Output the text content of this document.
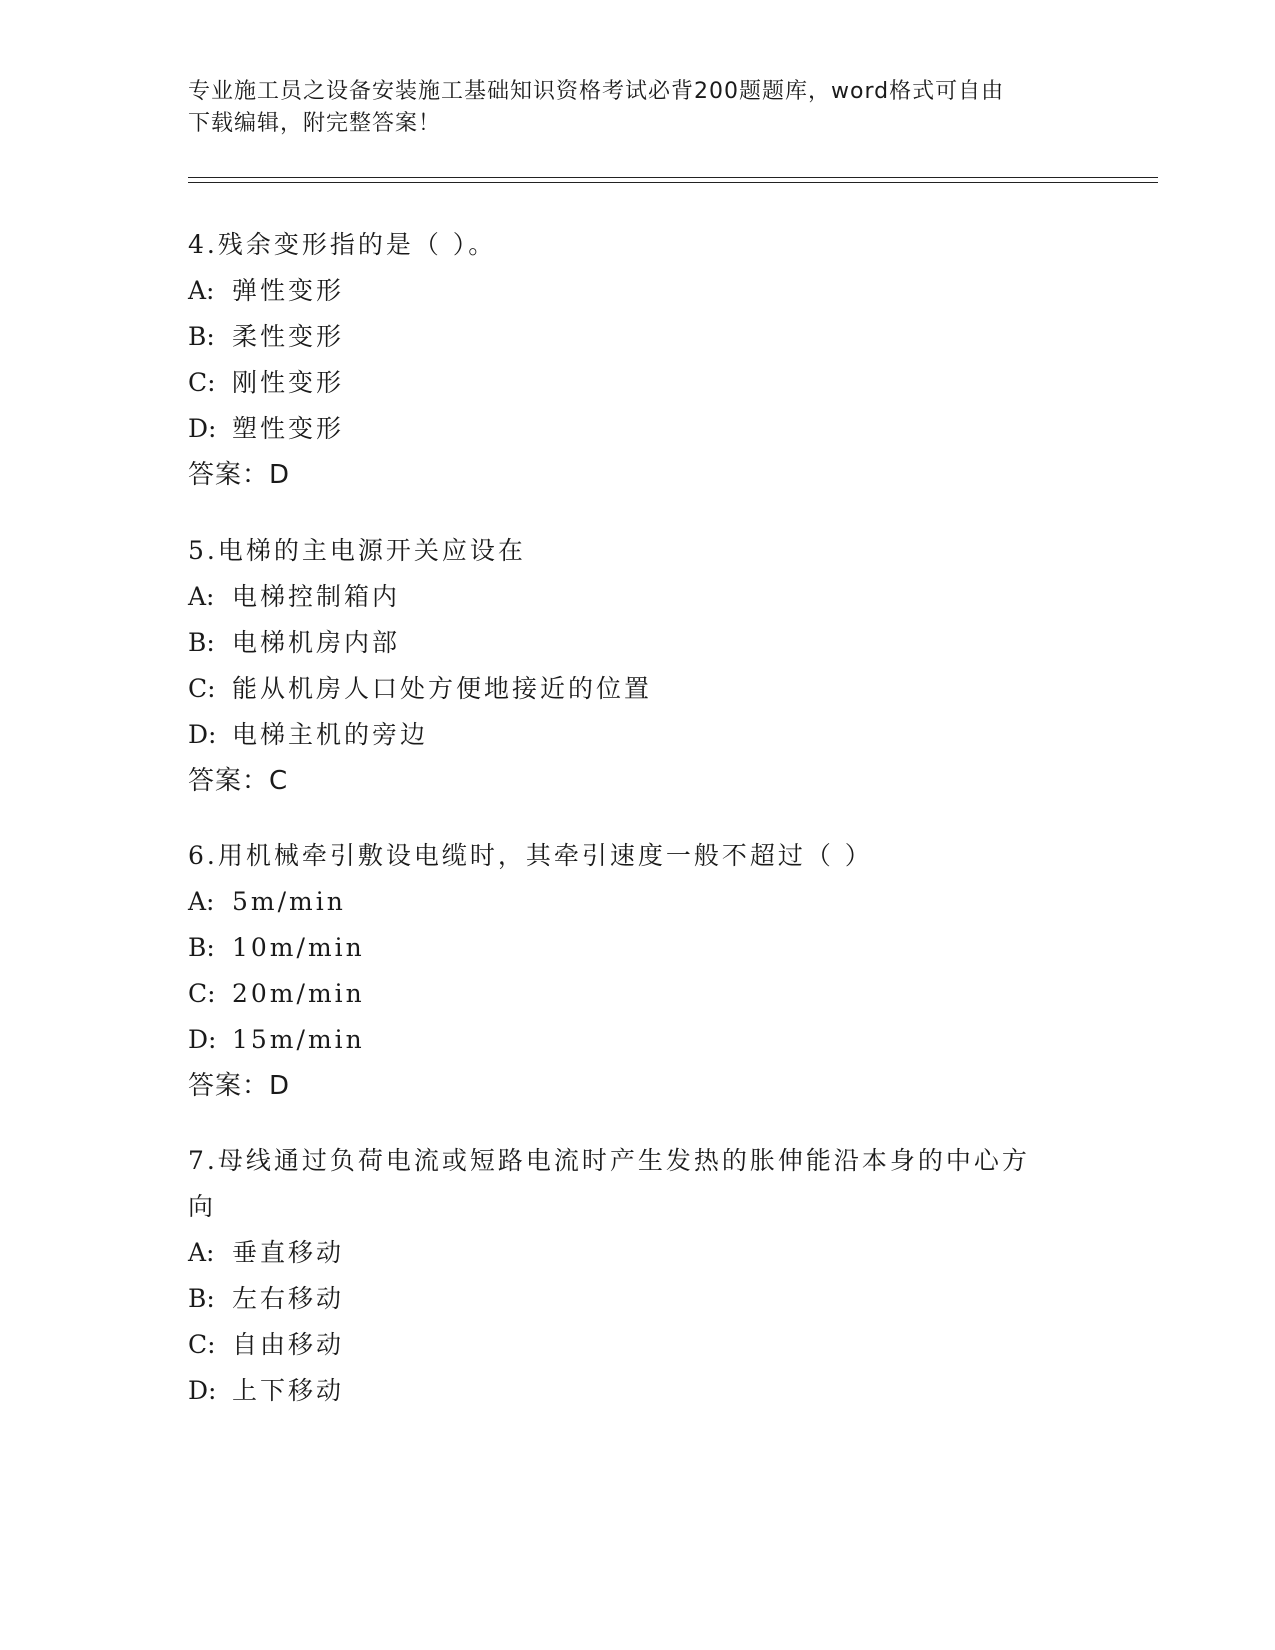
专业施工员之设备安装施工基础知识资格考试必背200题题库，word格式可自由
下载编辑，附完整答案！
4.残余变形指的是（ ）。
A: 弹性变形
B: 柔性变形
C: 刚性变形
D: 塑性变形
答案：D
5.电梯的主电源开关应设在
A: 电梯控制箱内
B: 电梯机房内部
C: 能从机房人口处方便地接近的位置
D: 电梯主机的旁边
答案：C
6.用机械牵引敷设电缆时，其牵引速度一般不超过（ ）
A: 5m/min
B: 10m/min
C: 20m/min
D: 15m/min
答案：D
7.母线通过负荷电流或短路电流时产生发热的胀伸能沿本身的中心方向
A: 垂直移动
B: 左右移动
C: 自由移动
D: 上下移动
